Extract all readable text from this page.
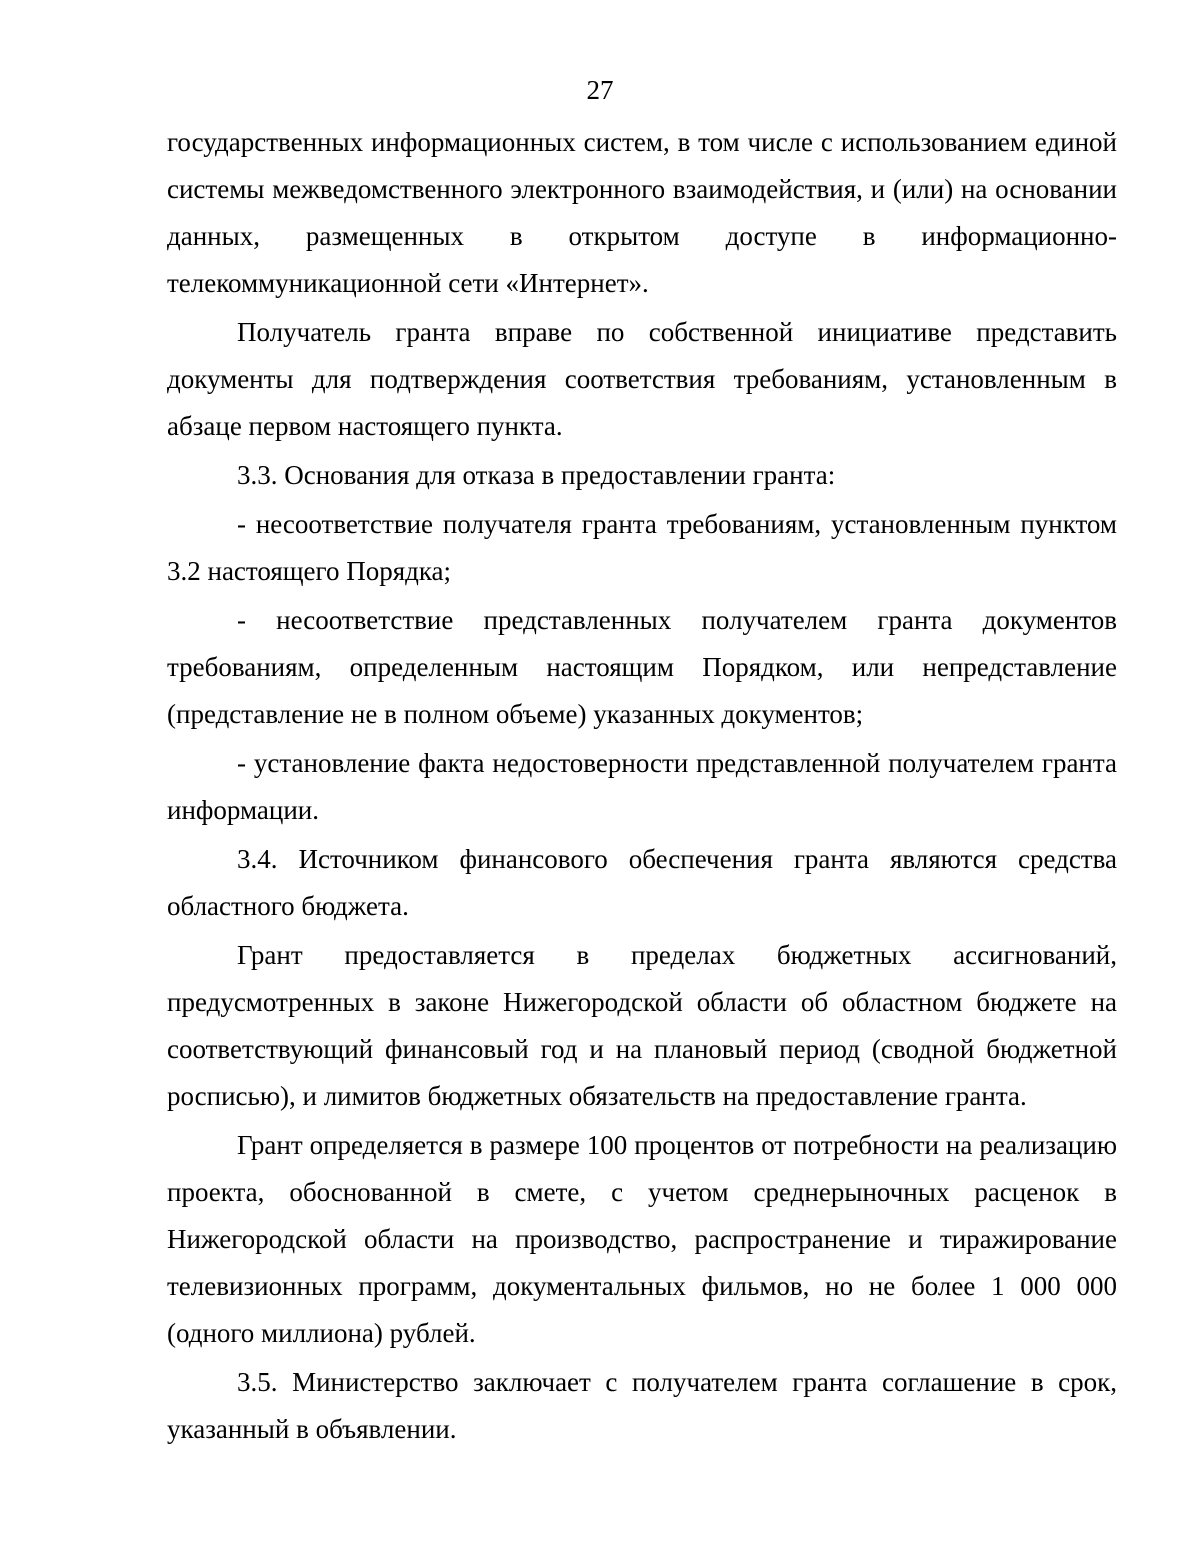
27

государственных информационных систем, в том числе с использованием единой системы межведомственного электронного взаимодействия, и (или) на основании данных, размещенных в открытом доступе в информационно-телекоммуникационной сети «Интернет».

Получатель гранта вправе по собственной инициативе представить документы для подтверждения соответствия требованиям, установленным в абзаце первом настоящего пункта.

3.3. Основания для отказа в предоставлении гранта:

- несоответствие получателя гранта требованиям, установленным пунктом 3.2 настоящего Порядка;

- несоответствие представленных получателем гранта документов требованиям, определенным настоящим Порядком, или непредставление (представление не в полном объеме) указанных документов;

- установление факта недостоверности представленной получателем гранта информации.

3.4. Источником финансового обеспечения гранта являются средства областного бюджета.

Грант предоставляется в пределах бюджетных ассигнований, предусмотренных в законе Нижегородской области об областном бюджете на соответствующий финансовый год и на плановый период (сводной бюджетной росписью), и лимитов бюджетных обязательств на предоставление гранта.

Грант определяется в размере 100 процентов от потребности на реализацию проекта, обоснованной в смете, с учетом среднерыночных расценок в Нижегородской области на производство, распространение и тиражирование телевизионных программ, документальных фильмов, но не более 1 000 000 (одного миллиона) рублей.

3.5. Министерство заключает с получателем гранта соглашение в срок, указанный в объявлении.
